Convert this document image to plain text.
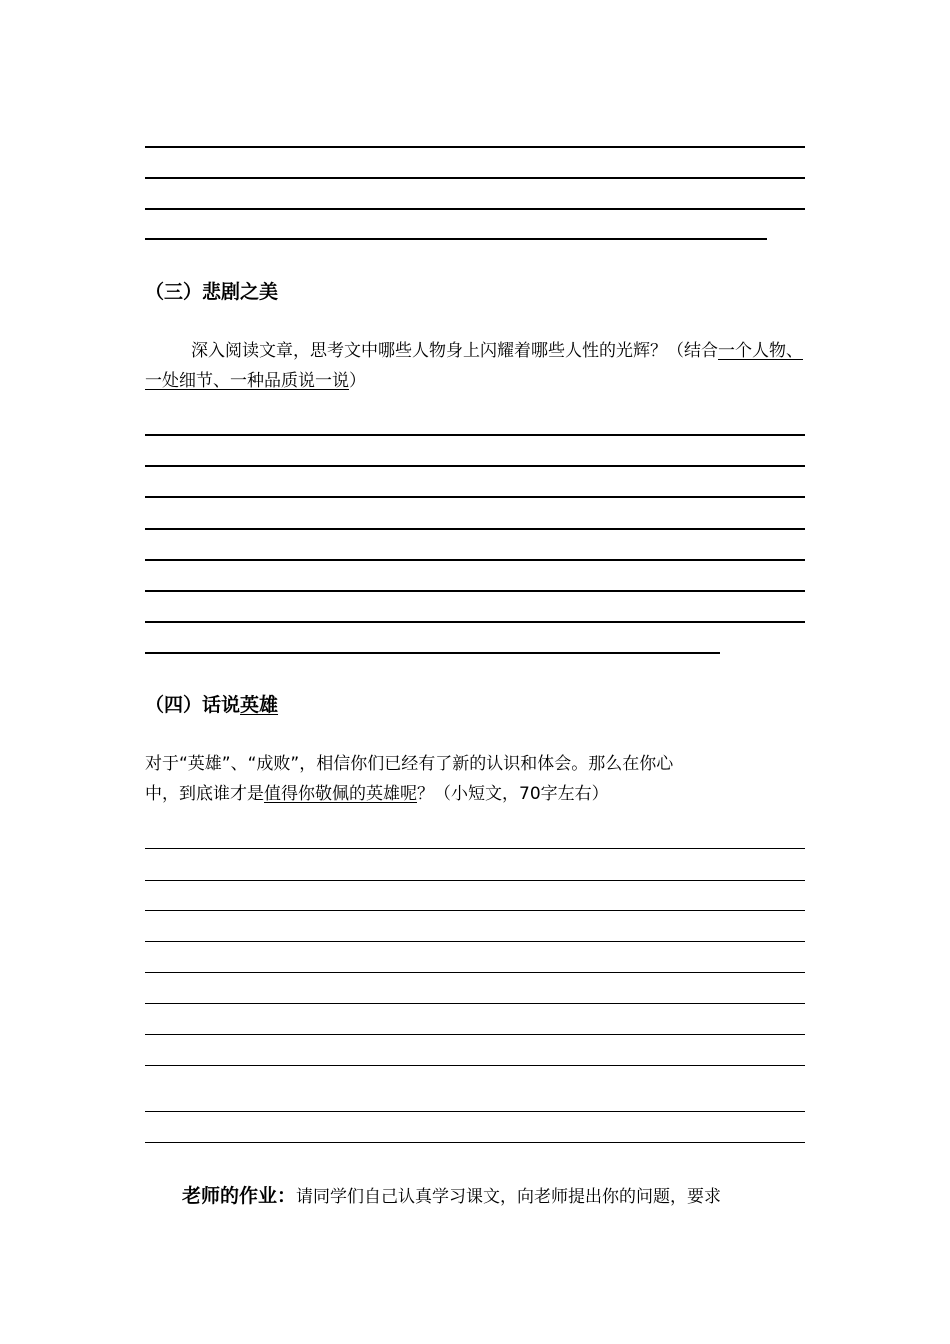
（三）悲剧之美
深入阅读文章，思考文中哪些人物身上闪耀着哪些人性的光辉？（结合一个人物、一处细节、一种品质说一说）
（四）话说英雄
对于“英雄”、“成败”，相信你们已经有了新的认识和体会。那么在你心
中，到底谁才是值得你敬佩的英雄呢？（小短文，70字左右）
老师的作业：请同学们自己认真学习课文，向老师提出你的问题，要求
